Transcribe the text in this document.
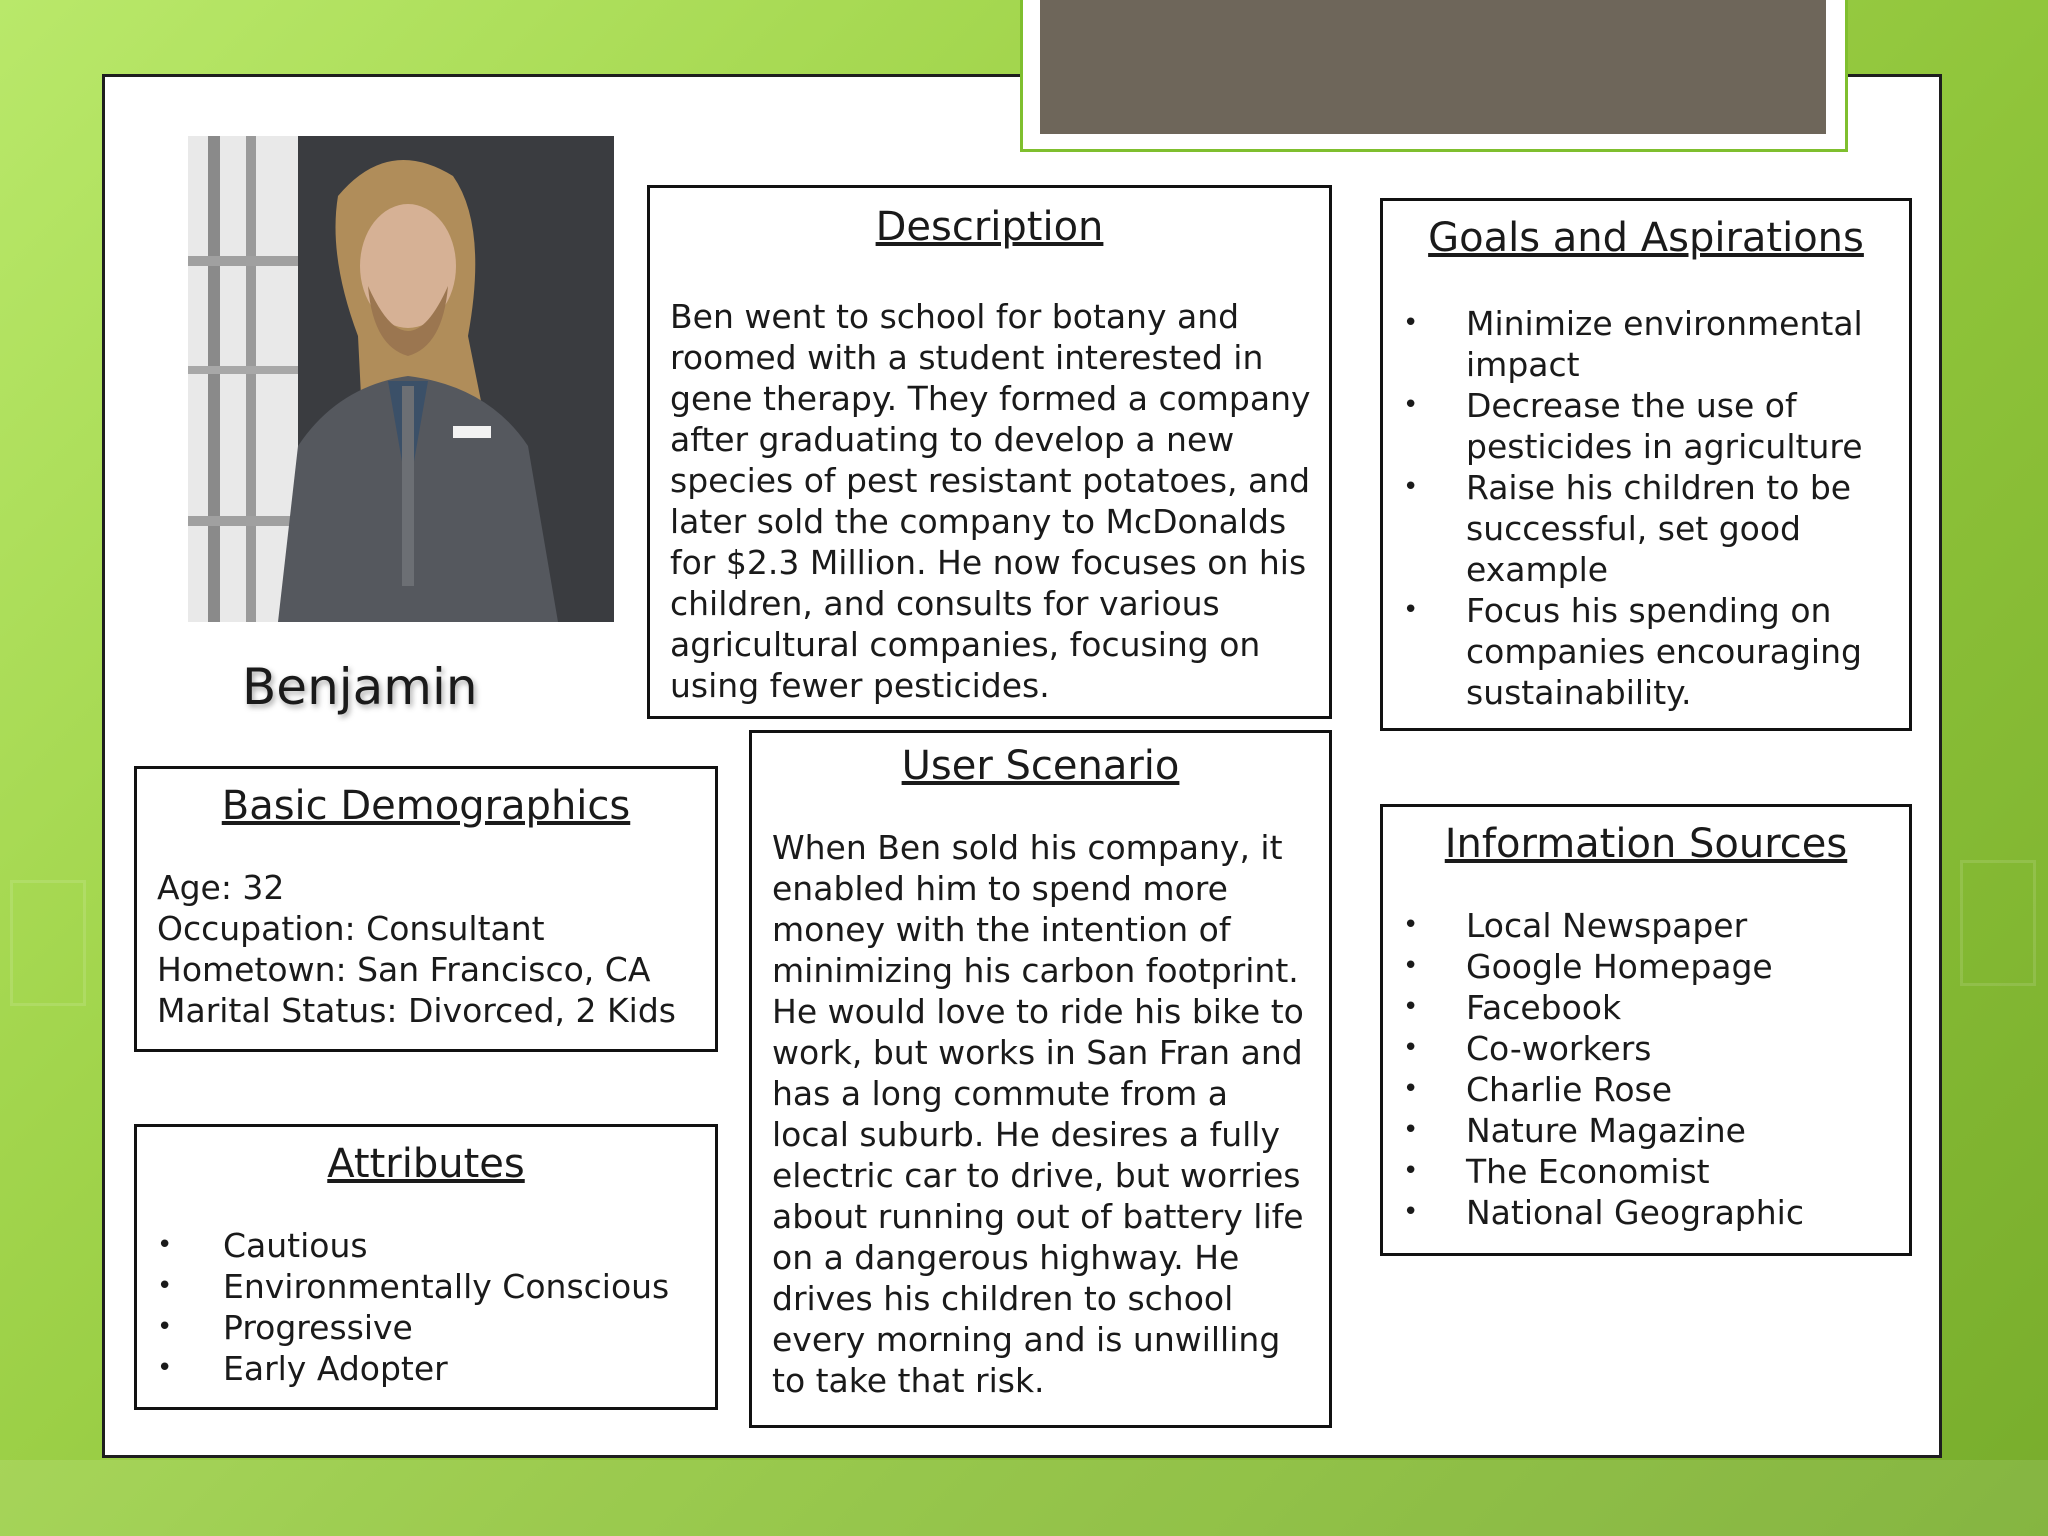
Benjamin
Description

Ben went to school for botany and roomed with a student interested in gene therapy. They formed a company after graduating to develop a new species of pest resistant potatoes, and later sold the company to McDonalds for $2.3 Million. He now focuses on his children, and consults for various agricultural companies, focusing on using fewer pesticides.

Goals and Aspirations
• Minimize environmental impact
• Decrease the use of pesticides in agriculture
• Raise his children to be successful, set good example
• Focus his spending on companies encouraging sustainability.
Basic Demographics

Age: 32

Occupation: Consultant

Hometown: San Francisco, CA

Marital Status: Divorced, 2 Kids

User Scenario

When Ben sold his company, it enabled him to spend more money with the intention of minimizing his carbon footprint. He would love to ride his bike to work, but works in San Fran and has a long commute from a local suburb. He desires a fully electric car to drive, but worries about running out of battery life on a dangerous highway. He drives his children to school every morning and is unwilling to take that risk.

Attributes
• Cautious
• Environmentally Conscious
• Progressive
• Early Adopter
Information Sources
• Local Newspaper
• Google Homepage
• Facebook
• Co-workers
• Charlie Rose
• Nature Magazine
• The Economist
• National Geographic
